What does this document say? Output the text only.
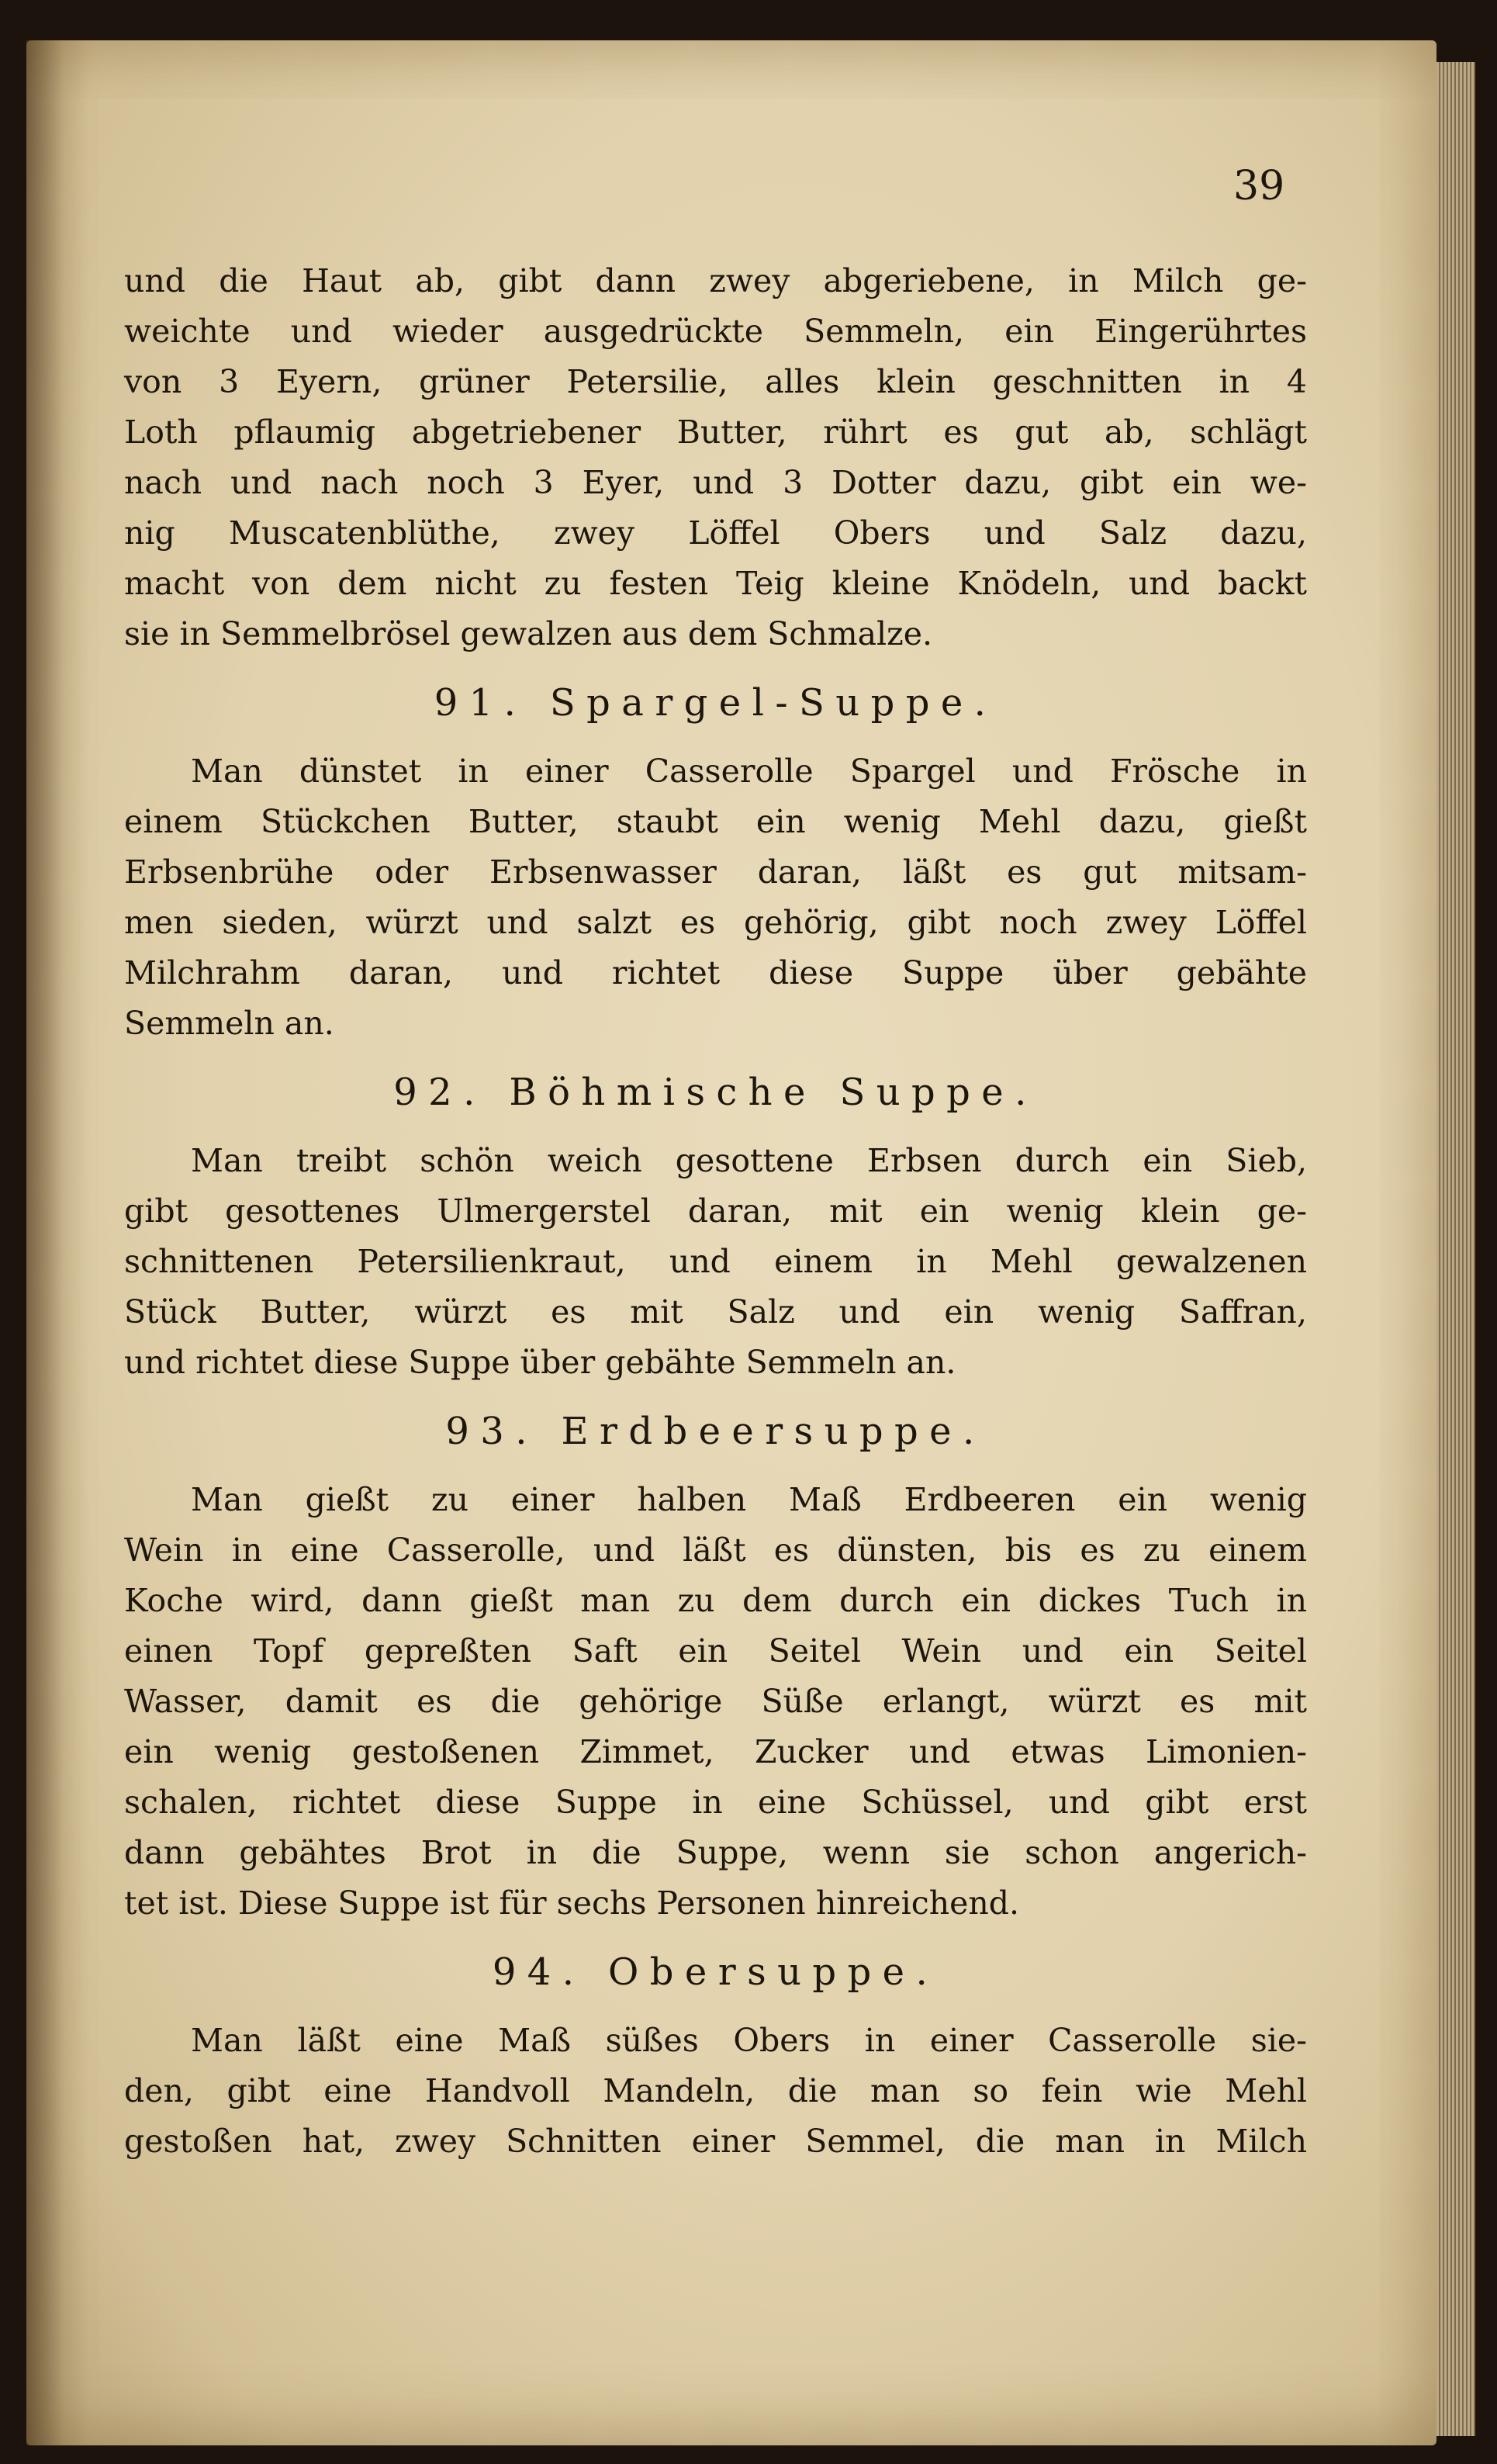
39
und die Haut ab, gibt dann zwey abgeriebene, in Milch ge-
weichte und wieder ausgedrückte Semmeln, ein Eingerührtes
von 3 Eyern, grüner Petersilie, alles klein geschnitten in 4
Loth pflaumig abgetriebener Butter, rührt es gut ab, schlägt
nach und nach noch 3 Eyer, und 3 Dotter dazu, gibt ein we-
nig Muscatenblüthe, zwey Löffel Obers und Salz dazu,
macht von dem nicht zu festen Teig kleine Knödeln, und backt
sie in Semmelbrösel gewalzen aus dem Schmalze.
91. Spargel-Suppe.
Man dünstet in einer Casserolle Spargel und Frösche in
einem Stückchen Butter, staubt ein wenig Mehl dazu, gießt
Erbsenbrühe oder Erbsenwasser daran, läßt es gut mitsam-
men sieden, würzt und salzt es gehörig, gibt noch zwey Löffel
Milchrahm daran, und richtet diese Suppe über gebähte
Semmeln an.
92. Böhmische Suppe.
Man treibt schön weich gesottene Erbsen durch ein Sieb,
gibt gesottenes Ulmergerstel daran, mit ein wenig klein ge-
schnittenen Petersilienkraut, und einem in Mehl gewalzenen
Stück Butter, würzt es mit Salz und ein wenig Saffran,
und richtet diese Suppe über gebähte Semmeln an.
93. Erdbeersuppe.
Man gießt zu einer halben Maß Erdbeeren ein wenig
Wein in eine Casserolle, und läßt es dünsten, bis es zu einem
Koche wird, dann gießt man zu dem durch ein dickes Tuch in
einen Topf gepreßten Saft ein Seitel Wein und ein Seitel
Wasser, damit es die gehörige Süße erlangt, würzt es mit
ein wenig gestoßenen Zimmet, Zucker und etwas Limonien-
schalen, richtet diese Suppe in eine Schüssel, und gibt erst
dann gebähtes Brot in die Suppe, wenn sie schon angerich-
tet ist. Diese Suppe ist für sechs Personen hinreichend.
94. Obersuppe.
Man läßt eine Maß süßes Obers in einer Casserolle sie-
den, gibt eine Handvoll Mandeln, die man so fein wie Mehl
gestoßen hat, zwey Schnitten einer Semmel, die man in Milch
